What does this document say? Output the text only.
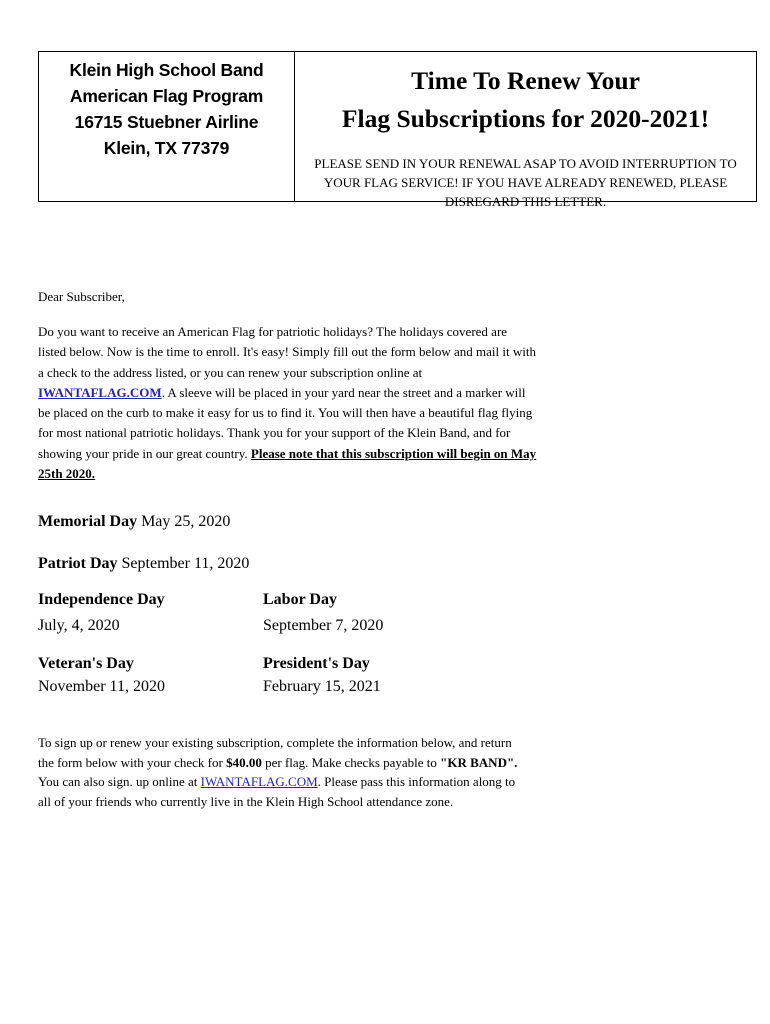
Klein High School Band
American Flag Program
16715 Stuebner Airline
Klein, TX 77379
Time To Renew Your
Flag Subscriptions for 2020-2021!
PLEASE SEND IN YOUR RENEWAL ASAP TO AVOID INTERRUPTION TO YOUR FLAG SERVICE! IF YOU HAVE ALREADY RENEWED, PLEASE DISREGARD THIS LETTER.
Dear Subscriber,
Do you want to receive an American Flag for patriotic holidays? The holidays covered are listed below. Now is the time to enroll. It's easy! Simply fill out the form below and mail it with a check to the address listed, or you can renew your subscription online at IWANTAFLAG.COM. A sleeve will be placed in your yard near the street and a marker will be placed on the curb to make it easy for us to find it. You will then have a beautiful flag flying for most national patriotic holidays. Thank you for your support of the Klein Band, and for showing your pride in our great country. Please note that this subscription will begin on May 25th 2020.
Memorial Day May 25, 2020
Patriot Day September 11, 2020
Independence Day
July, 4, 2020
Labor Day
September 7, 2020
Veteran's Day
November 11, 2020
President's Day
February 15, 2021
To sign up or renew your existing subscription, complete the information below, and return the form below with your check for $40.00 per flag. Make checks payable to "KR BAND". You can also sign. up online at IWANTAFLAG.COM. Please pass this information along to all of your friends who currently live in the Klein High School attendance zone.
